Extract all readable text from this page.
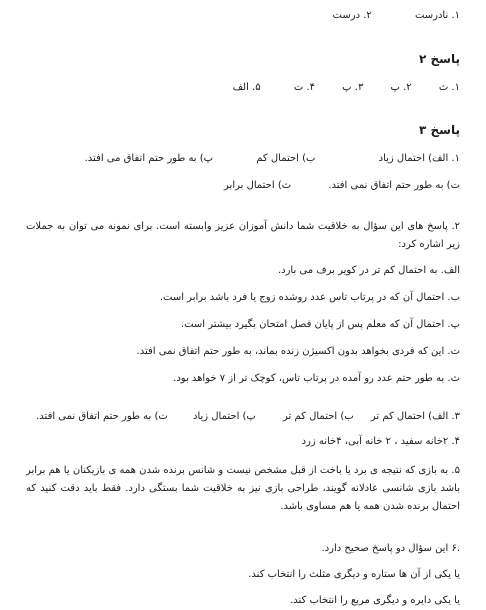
۱. نادرست ۲. درست
پاسخ ۲
۱. ث ۲. پ ۳. پ ۴. ت ۵. الف
پاسخ ۳
۱. الف) احتمال زیاد ب) احتمال کم پ) به طور حتم اتفاق می افتد.
ت) به طور حتم اتفاق نمی افتد. ث) احتمال برابر
۲. پاسخ های این سؤال به خلاقیت شما دانش آموزان عزیز وابسته است. برای نمونه می توان به جملات زیر اشاره کرد:
الف. به احتمال کم تر در کویر برف می بارد.
ب. احتمال آن که در پرتاب تاس عدد روشده زوج یا فرد باشد برابر است.
پ. احتمال آن که معلم پس از پایان فصل امتحان بگیرد بیشتر است.
ت. این که فردی بخواهد بدون اکسیژن زنده بماند، به طور حتم اتفاق نمی افتد.
ث. به طور حتم عدد رو آمده در پرتاب تاس، کوچک تر از ۷ خواهد بود.
۳. الف) احتمال کم تر ب) احتمال کم تر پ) احتمال زیاد ت) به طور حتم اتفاق نمی افتد.
۴. ۲خانه سفید ، ۲ خانه آبی، ۴خانه زرد
۵. به بازی که نتیجه ی برد یا باخت از قبل مشخص نیست و شانس برنده شدن همه ی بازیکنان یا هم برابر باشد بازی شانسی عادلانه گویند، طراحی بازی نیز به خلاقیت شما بستگی دارد. فقط باید دقت کنید که احتمال برنده شدن همه یا هم مساوی باشد.
.۶ این سؤال دو پاسخ صحیح دارد.
یا یکی از آن ها ستاره و دیگری مثلث را انتخاب کند.
یا یکی دایره و دیگری مربع را انتخاب کند.
